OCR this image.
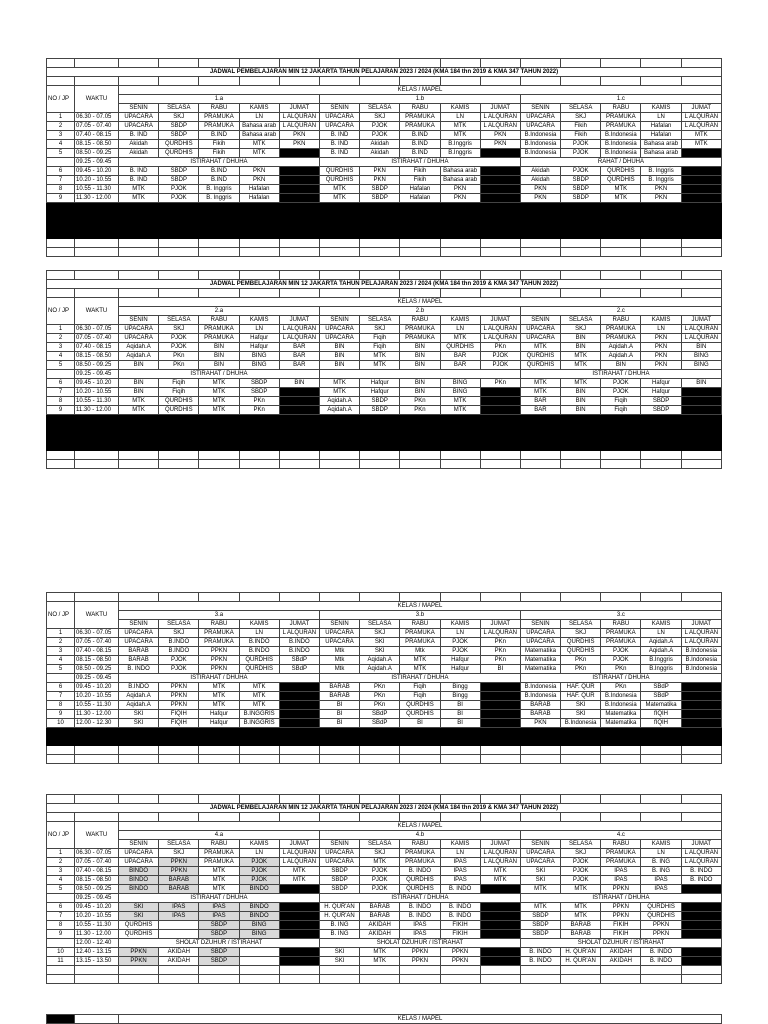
JADWAL PEMBELAJARAN MIN 12 JAKARTA TAHUN PELAJARAN 2023 / 2024 (KMA 184 thn 2019 & KMA 347 TAHUN 2022)																

NO / JP	WAKTU	KELAS / MAPEL														
		1.a					1.b					1.c				
		SENIN	SELASA	RABU	KAMIS	JUMAT	SENIN	SELASA	RABU	KAMIS	JUMAT	SENIN	SELASA	RABU	KAMIS	JUMAT
1	06.30 - 07.05	UPACARA	SKJ	PRAMUKA	LN	L ALQURAN	UPACARA	SKJ	PRAMUKA	LN	L ALQURAN	UPACARA	SKJ	PRAMUKA	LN	L ALQURAN
2	07.05 - 07.40	UPACARA	SBDP	PRAMUKA	Bahasa arab	L ALQURAN	UPACARA	PJOK	PRAMUKA	MTK	L ALQURAN	UPACARA	Fikih	PRAMUKA	Hafalan	L ALQURAN
3	07.40 - 08.15	B. IND	SBDP	B.IND	Bahasa arab	PKN	B. IND	PJOK	B.IND	MTK	PKN	B.Indonesia	Fikih	B.Indonesia	Hafalan	MTK
4	08.15 - 08.50	Akidah	QURDHIS	Fikih	MTK	PKN	B. IND	Akidah	B.IND	B.Inggris	PKN	B.Indonesia	PJOK	B.Indonesia	Bahasa arab	MTK
5	08.50 - 09.25	Akidah	QURDHIS	Fikih	MTK		B. IND	Akidah	B.IND	B.Inggris		B.Indonesia	PJOK	B.Indonesia	Bahasa arab	
	09.25 - 09.45	ISTIRAHAT / DHUHA					ISTIRAHAT / DHUHA					RAHAT / DHUHA				
6	09.45 - 10.20	B. IND	SBDP	B.IND	PKN		QURDHIS	PKN	Fikih	Bahasa arab		Akidah	PJOK	QURDHIS	B. Inggris	
7	10.20 - 10.55	B. IND	SBDP	B.IND	PKN		QURDHIS	PKN	Fikih	Bahasa arab		Akidah	SBDP	QURDHIS	B. Inggris	
8	10.55 - 11.30	MTK	PJOK	B. Inggris	Hafalan		MTK	SBDP	Hafalan	PKN		PKN	SBDP	MTK	PKN	
9	11.30 - 12.00	MTK	PJOK	B. Inggris	Hafalan		MTK	SBDP	Hafalan	PKN		PKN	SBDP	MTK	PKN	

JADWAL PEMBELAJARAN MIN 12 JAKARTA TAHUN PELAJARAN 2023 / 2024 (KMA 184 thn 2019 & KMA 347 TAHUN 2022)																

NO / JP	WAKTU	KELAS / MAPEL														
		2.a					2.b					2.c				
		SENIN	SELASA	RABU	KAMIS	JUMAT	SENIN	SELASA	RABU	KAMIS	JUMAT	SENIN	SELASA	RABU	KAMIS	JUMAT
1	06.30 - 07.05	UPACARA	SKJ	PRAMUKA	LN	L ALQURAN	UPACARA	SKJ	PRAMUKA	LN	L ALQURAN	UPACARA	SKJ	PRAMUKA	LN	L ALQURAN
2	07.05 - 07.40	UPACARA	PJOK	PRAMUKA	Hafqur	L ALQURAN	UPACARA	Fiqih	PRAMUKA	MTK	L ALQURAN	UPACARA	BIN	PRAMUKA	PKN	L ALQURAN
3	07.40 - 08.15	Aqidah.A	PJOK	BIN	Hafqur	BAR	BIN	Fiqih	BIN	QURDHIS	PKn	MTK	BIN	Aqidah.A	PKN	BIN
4	08.15 - 08.50	Aqidah.A	PKn	BIN	BING	BAR	BIN	MTK	BIN	BAR	PJOK	QURDHIS	MTK	Aqidah.A	PKN	BING
5	08.50 - 09.25	BIN	PKn	BIN	BING	BAR	BIN	MTK	BIN	BAR	PJOK	QURDHIS	MTK	BIN	PKN	BING
	09.25 - 09.45	ISTIRAHAT / DHUHA										ISTIRAHAT / DHUHA				
6	09.45 - 10.20	BIN	Fiqih	MTK	SBDP	BIN	MTK	Hafqur	BIN	BING	PKn	MTK	MTK	PJOK	Hafqur	BIN
7	10.20 - 10.55	BIN	Fiqih	MTK	SBDP		MTK	Hafqur	BIN	BING		MTK	BIN	PJOK	Hafqur	
8	10.55 - 11.30	MTK	QURDHIS	MTK	PKn		Aqidah.A	SBDP	PKn	MTK		BAR	BIN	Fiqih	SBDP	
9	11.30 - 12.00	MTK	QURDHIS	MTK	PKn		Aqidah.A	SBDP	PKn	MTK		BAR	BIN	Fiqih	SBDP	

NO / JP	WAKTU	KELAS / MAPEL														
		3.a					3.b					3.c				
		SENIN	SELASA	RABU	KAMIS	JUMAT	SENIN	SELASA	RABU	KAMIS	JUMAT	SENIN	SELASA	RABU	KAMIS	JUMAT
1	06.30 - 07.05	UPACARA	SKJ	PRAMUKA	LN	L ALQURAN	UPACARA	SKJ	PRAMUKA	LN	L ALQURAN	UPACARA	SKJ	PRAMUKA	LN	L ALQURAN
2	07.05 - 07.40	UPACARA	B.INDO	PRAMUKA	B.INDO	B.INDO	UPACARA	SKI	PRAMUKA	PJOK	PKn	UPACARA	QURDHIS	PRAMUKA	Aqidah.A	L ALQURAN
3	07.40 - 08.15	BARAB	B.INDO	PPKN	B.INDO	B.INDO	Mtk	SKI	Mtk	PJOK	PKn	Matematika	QURDHIS	PJOK	Aqidah.A	B.Indonesia
4	08.15 - 08.50	BARAB	PJOK	PPKN	QURDHIS	SBdP	Mtk	Aqidah.A	MTK	Hafqur	PKn	Matematika	PKn	PJOK	B.Inggris	B.Indonesia
5	08.50 - 09.25	B. INDO	PJOK	PPKN	QURDHIS	SBdP	Mtk	Aqidah.A	MTK	Hafqur	BI	Matematika	PKn	PKn	B.Inggris	B.Indonesia
	09.25 - 09.45	ISTIRAHAT / DHUHA					ISTIRAHAT / DHUHA					ISTIRAHAT / DHUHA				
6	09.45 - 10.20	B.INDO	PPKN	MTK	MTK		BARAB	PKn	Fiqih	Bingg		B.Indonesia	HAF. QUR	PKn	SBdP	
7	10.20 - 10.55	Aqidah.A	PPKN	MTK	MTK		BARAB	PKn	Fiqih	Bingg		B.Indonesia	HAF. QUR	B.Indonesia	SBdP	
8	10.55 - 11.30	Aqidah.A	PPKN	MTK	MTK		BI	PKn	QURDHIS	BI		BARAB	SKI	B.Indonesia	Matematika	
9	11.30 - 12.00	SKI	FIQIH	Hafqur	B.INGGRIS		BI	SBdP	QURDHIS	BI		BARAB	SKI	Matematika	fIQIH	
10	12.00 - 12.30	SKI	FIQIH	Hafqur	B.INGGRIS		BI	SBdP	BI	BI		PKN	B.Indonesia	Matematika	fIQIH	

JADWAL PEMBELAJARAN MIN 12 JAKARTA TAHUN PELAJARAN 2023 / 2024 (KMA 184 thn 2019 & KMA 347 TAHUN 2022)																

NO / JP	WAKTU	KELAS / MAPEL														
		4.a					4.b					4.c				
		SENIN	SELASA	RABU	KAMIS	JUMAT	SENIN	SELASA	RABU	KAMIS	JUMAT	SENIN	SELASA	RABU	KAMIS	JUMAT
1	06.30 - 07.05	UPACARA	SKJ	PRAMUKA	LN	L ALQURAN	UPACARA	SKJ	PRAMUKA	LN	L ALQURAN	UPACARA	SKJ	PRAMUKA	LN	L ALQURAN
2	07.05 - 07.40	UPACARA	PPKN	PRAMUKA	PJOK	L ALQURAN	UPACARA	MTK	PRAMUKA	IPAS	L ALQURAN	UPACARA	PJOK	PRAMUKA	B. ING	L ALQURAN
3	07.40 - 08.15	BINDO	PPKN	MTK	PJOK	MTK	SBDP	PJOK	B. INDO	IPAS	MTK	SKI	PJOK	IPAS	B. ING	B. INDO
4	08.15 - 08.50	BINDO	BARAB	MTK	PJOK	MTK	SBDP	PJOK	QURDHIS	IPAS	MTK	SKI	PJOK	IPAS	IPAS	B. INDO
5	08.50 - 09.25	BINDO	BARAB	MTK	BINDO		SBDP	PJOK	QURDHIS	B. INDO		MTK	MTK	PPKN	IPAS	
	09.25 - 09.45	ISTIRAHAT / DHUHA					ISTIRAHAT / DHUHA					ISTIRAHAT / DHUHA				
6	09.45 - 10.20	SKI	IPAS	IPAS	BINDO		H. QUR'AN	BARAB	B. INDO	B. INDO		MTK	MTK	PPKN	QURDHIS	
7	10.20 - 10.55	SKI	IPAS	IPAS	BINDO		H. QUR'AN	BARAB	B. INDO	B. INDO		SBDP	MTK	PPKN	QURDHIS	
8	10.55 - 11.30	QURDHIS		SBDP	BING		B. ING	AKIDAH	IPAS	FIKIH		SBDP	BARAB	FIKIH	PPKN	
9	11.30 - 12.00	QURDHIS		SBDP	BING		B. ING	AKIDAH	IPAS	FIKIH		SBDP	BARAB	FIKIH	PPKN	
	12.00 - 12.40	SHOLAT DZUHUR / ISTIRAHAT					SHOLAT DZUHUR / ISTIRAHAT					SHOLAT DZUHUR / ISTIRAHAT				
10	12.40 - 13.15	PPKN	AKIDAH	SBDP			SKI	MTK	PPKN	PPKN		B. INDO	H. QUR'AN	AKIDAH	B. INDO	
11	13.15 - 13.50	PPKN	AKIDAH	SBDP			SKI	MTK	PPKN	PPKN		B. INDO	H. QUR'AN	AKIDAH	B. INDO	

		KELAS / MAPEL
